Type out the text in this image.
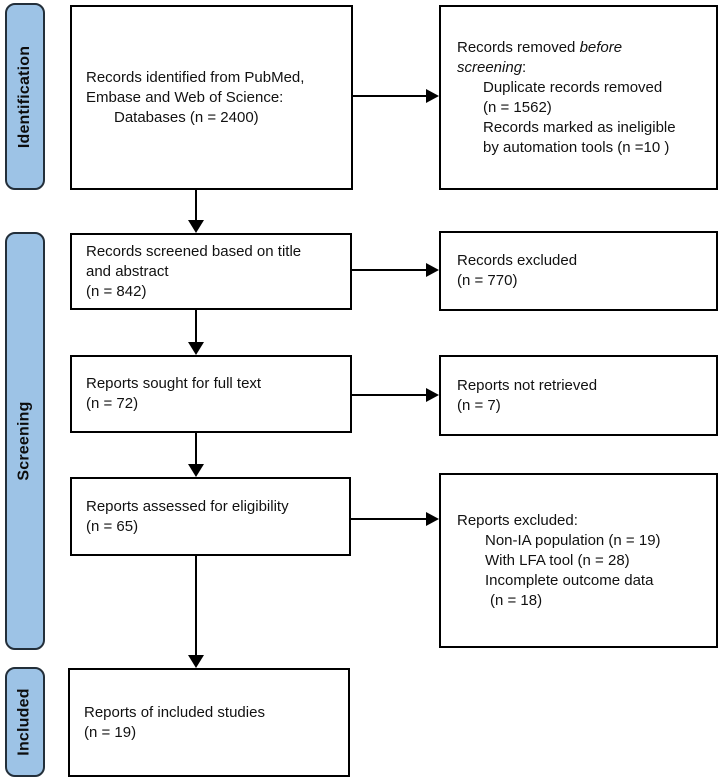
Identification
Screening
Included
Records identified from PubMed,
Embase and Web of Science:
Databases (n = 2400)
Records removed before
screening:
Duplicate records removed
(n = 1562)
Records marked as ineligible
by automation tools (n =10 )
Records screened based on title
and abstract
(n = 842)
Records excluded
(n = 770)
Reports sought for full text
(n = 72)
Reports not retrieved
(n = 7)
Reports assessed for eligibility
(n = 65)	Reports excluded:
Non-IA population (n = 19)
With LFA tool (n = 28)
Incomplete outcome data
(n = 18)
Reports of included studies
(n = 19)
